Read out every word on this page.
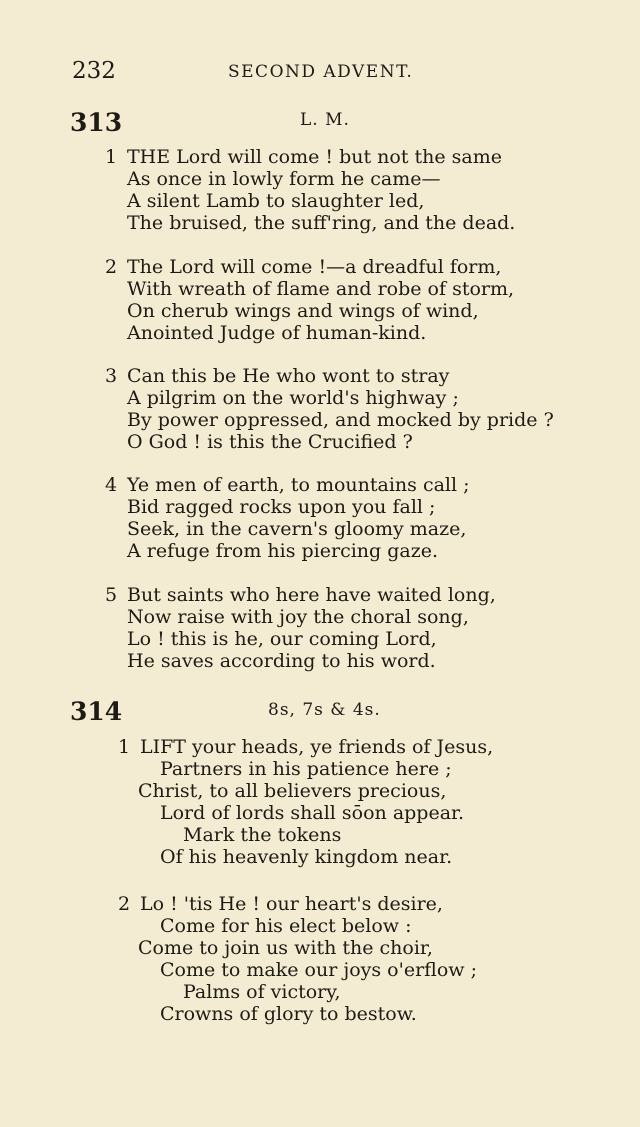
232	SECOND ADVENT.
313	L. M.
1 THE Lord will come ! but not the same
As once in lowly form he came—
A silent Lamb to slaughter led,
The bruised, the suff'ring, and the dead.
2 The Lord will come !—a dreadful form,
With wreath of flame and robe of storm,
On cherub wings and wings of wind,
Anointed Judge of human-kind.
3 Can this be He who wont to stray
A pilgrim on the world's highway ;
By power oppressed, and mocked by pride ?
O God ! is this the Crucified ?
4 Ye men of earth, to mountains call ;
Bid ragged rocks upon you fall ;
Seek, in the cavern's gloomy maze,
A refuge from his piercing gaze.
5 But saints who here have waited long,
Now raise with joy the choral song,
Lo ! this is he, our coming Lord,
He saves according to his word.
314	8s, 7s & 4s.
1 LIFT your heads, ye friends of Jesus,
Partners in his patience here ;
Christ, to all believers precious,
Lord of lords shall sōon appear.
Mark the tokens
Of his heavenly kingdom near.
2 Lo ! 'tis He ! our heart's desire,
Come for his elect below :
Come to join us with the choir,
Come to make our joys o'erflow ;
Palms of victory,
Crowns of glory to bestow.
